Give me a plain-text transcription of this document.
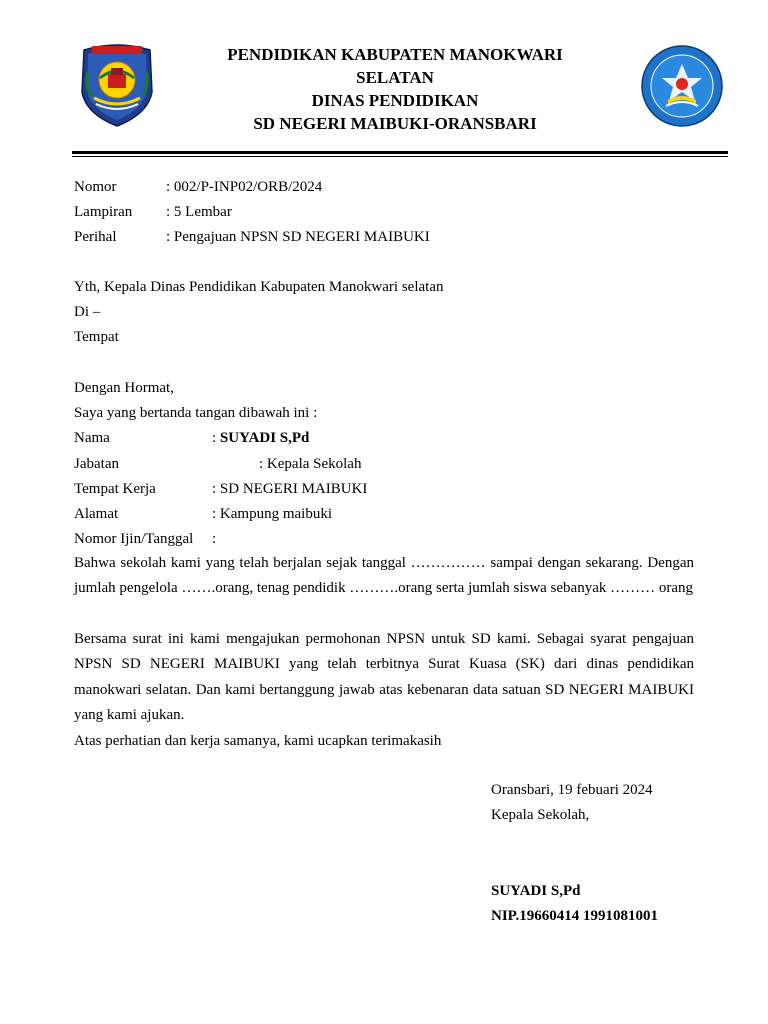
PENDIDIKAN KABUPATEN MANOKWARI
SELATAN
DINAS PENDIDIKAN
SD NEGERI MAIBUKI-ORANSBARI
Nomor	: 002/P-INP02/ORB/2024
Lampiran : 5 Lembar
Perihal	: Pengajuan NPSN SD NEGERI MAIBUKI
Yth, Kepala Dinas Pendidikan Kabupaten Manokwari selatan
Di –
Tempat
Dengan Hormat,
Saya yang bertanda tangan dibawah ini :
Nama	: SUYADI S,Pd
Jabatan	: Kepala Sekolah
Tempat Kerja	: SD NEGERI MAIBUKI
Alamat	: Kampung maibuki
Nomor Ijin/Tanggal :
Bahwa sekolah kami yang telah berjalan sejak tanggal …………… sampai dengan sekarang. Dengan jumlah pengelola …….orang, tenag pendidik ……….orang serta jumlah siswa sebanyak ……… orang
Bersama surat ini kami mengajukan permohonan NPSN untuk SD kami. Sebagai syarat pengajuan NPSN SD NEGERI MAIBUKI yang telah terbitnya Surat Kuasa (SK) dari dinas pendidikan manokwari selatan. Dan kami bertanggung jawab atas kebenaran data satuan SD NEGERI MAIBUKI yang kami ajukan.
Atas perhatian dan kerja samanya, kami ucapkan terimakasih
Oransbari, 19 febuari 2024
Kepala Sekolah,
SUYADI S,Pd
NIP.19660414 1991081001
